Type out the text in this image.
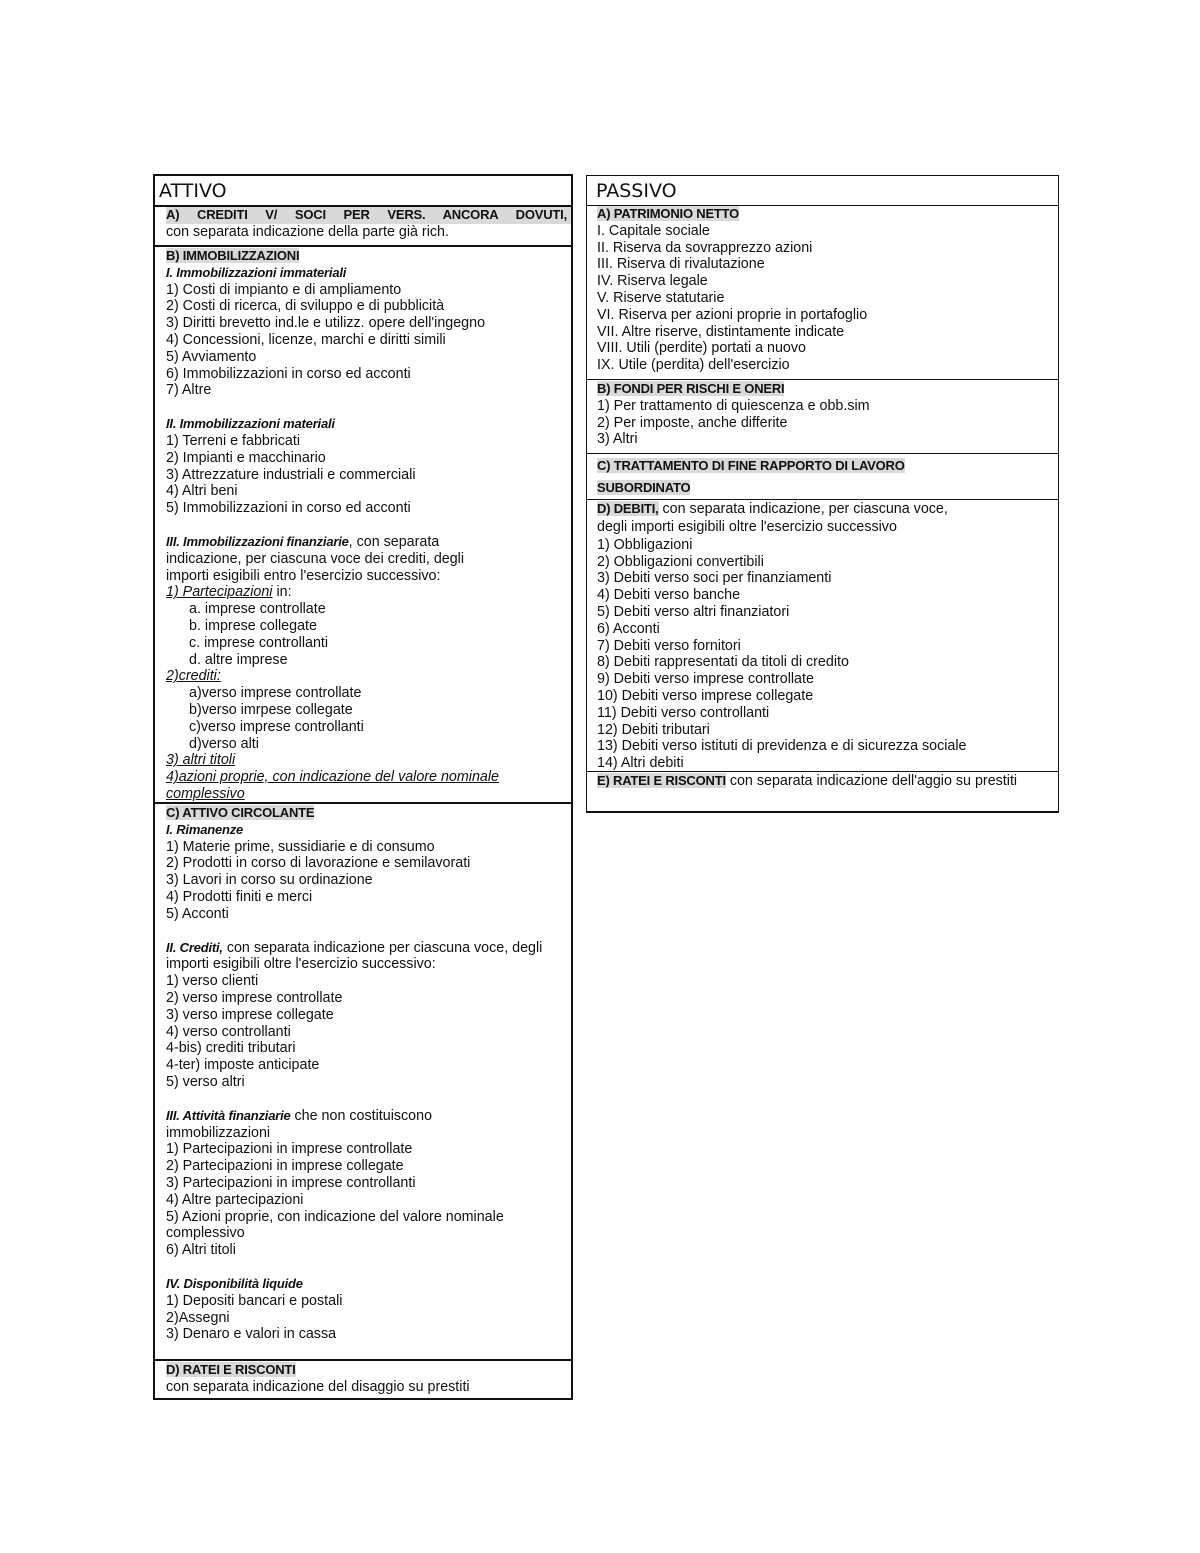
ATTIVO
A) CREDITI V/ SOCI PER VERS. ANCORA DOVUTI,
con separata indicazione della parte già rich.
B) IMMOBILIZZAZIONI
I. Immobilizzazioni immateriali
1) Costi di impianto e di ampliamento
2) Costi di ricerca, di sviluppo e di pubblicità
3) Diritti brevetto ind.le e utilizz. opere dell'ingegno
4) Concessioni, licenze, marchi e diritti simili
5) Avviamento
6) Immobilizzazioni in corso ed acconti
7) Altre
II. Immobilizzazioni materiali
1) Terreni e fabbricati
2) Impianti e macchinario
3) Attrezzature industriali e commerciali
4) Altri beni
5) Immobilizzazioni in corso ed acconti
III. Immobilizzazioni finanziarie, con separata indicazione, per ciascuna voce dei crediti, degli importi esigibili entro l'esercizio successivo:
1) Partecipazioni in:
a. imprese controllate
b. imprese collegate
c. imprese controllanti
d. altre imprese
2)crediti:
a)verso imprese controllate
b)verso imrpese collegate
c)verso imprese controllanti
d)verso alti
3) altri titoli
4)azioni proprie, con indicazione del valore nominale complessivo
C) ATTIVO CIRCOLANTE
I. Rimanenze
1) Materie prime, sussidiarie e di consumo
2) Prodotti in corso di lavorazione e semilavorati
3) Lavori in corso su ordinazione
4) Prodotti finiti e merci
5) Acconti
II. Crediti, con separata indicazione per ciascuna voce, degli importi esigibili oltre l'esercizio successivo:
1) verso clienti
2) verso imprese controllate
3) verso imprese collegate
4) verso controllanti
4-bis) crediti tributari
4-ter) imposte anticipate
5) verso altri
III. Attività finanziarie che non costituiscono immobilizzazioni
1) Partecipazioni in imprese controllate
2) Partecipazioni in imprese collegate
3) Partecipazioni in imprese controllanti
4) Altre partecipazioni
5) Azioni proprie, con indicazione del valore nominale complessivo
6) Altri titoli
IV. Disponibilità liquide
1) Depositi bancari e postali
2)Assegni
3) Denaro e valori in cassa
D) RATEI E RISCONTI
con separata indicazione del disaggio su prestiti
PASSIVO
A) PATRIMONIO NETTO
I. Capitale sociale
II. Riserva da sovrapprezzo azioni
III. Riserva di rivalutazione
IV. Riserva legale
V. Riserve statutarie
VI. Riserva per azioni proprie in portafoglio
VII. Altre riserve, distintamente indicate
VIII. Utili (perdite) portati a nuovo
IX. Utile (perdita) dell'esercizio
B) FONDI PER RISCHI E ONERI
1) Per trattamento di quiescenza e obb.sim
2) Per imposte, anche differite
3) Altri
C) TRATTAMENTO DI FINE RAPPORTO DI LAVORO
SUBORDINATO
D) DEBITI, con separata indicazione, per ciascuna voce,
degli importi esigibili oltre l'esercizio successivo
1) Obbligazioni
2) Obbligazioni convertibili
3) Debiti verso soci per finanziamenti
4) Debiti verso banche
5) Debiti verso altri finanziatori
6) Acconti
7) Debiti verso fornitori
8) Debiti rappresentati da titoli di credito
9) Debiti verso imprese controllate
10) Debiti verso imprese collegate
11) Debiti verso controllanti
12) Debiti tributari
13) Debiti verso istituti di previdenza e di sicurezza sociale
14) Altri debiti
E) RATEI E RISCONTI con separata indicazione dell'aggio su prestiti
